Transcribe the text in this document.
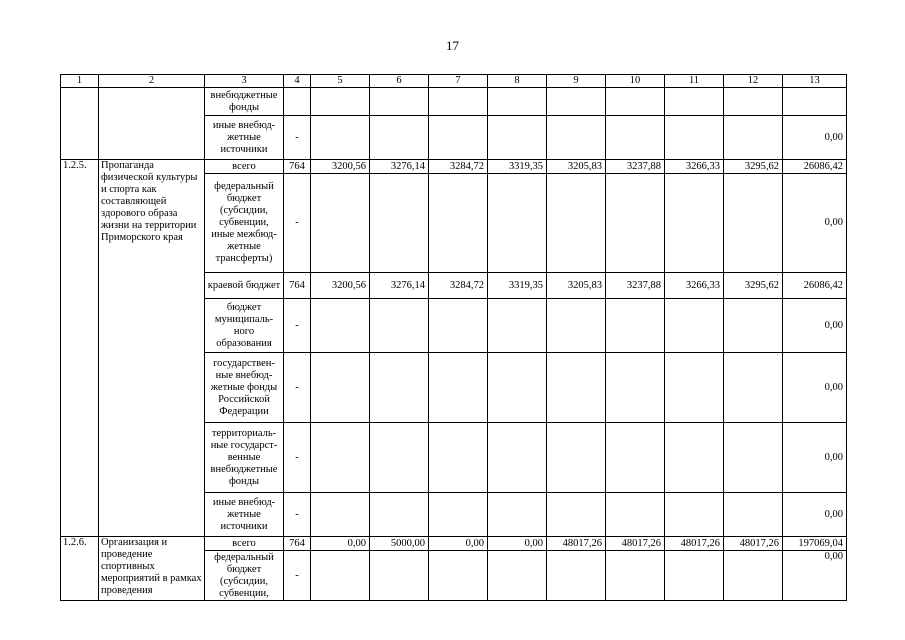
17
1	2	3	4	5	6	7	8	9	10	11	12	13
		внебюджетные фонды										
		иные внебюд-жетные источники	-									0,00
1.2.5.	Пропаганда физической культуры и спорта как составляющей здорового образа жизни на территории Приморского края	всего	764	3200,56	3276,14	3284,72	3319,35	3205,83	3237,88	3266,33	3295,62	26086,42
		федеральный бюджет (субсидии, субвенции, иные межбюд-жетные трансферты)	-									0,00
		краевой бюджет	764	3200,56	3276,14	3284,72	3319,35	3205,83	3237,88	3266,33	3295,62	26086,42
		бюджет муниципаль-ного образования	-									0,00
		государствен-ные внебюд-жетные фонды Российской Федерации	-									0,00
		территориаль-ные государст-венные внебюджетные фонды	-									0,00
		иные внебюд-жетные источники	-									0,00
1.2.6.	Организация и проведение спортивных мероприятий в рамках проведения	всего	764	0,00	5000,00	0,00	0,00	48017,26	48017,26	48017,26	48017,26	197069,04
		федеральный бюджет (субсидии, субвенции,	-									0,00
